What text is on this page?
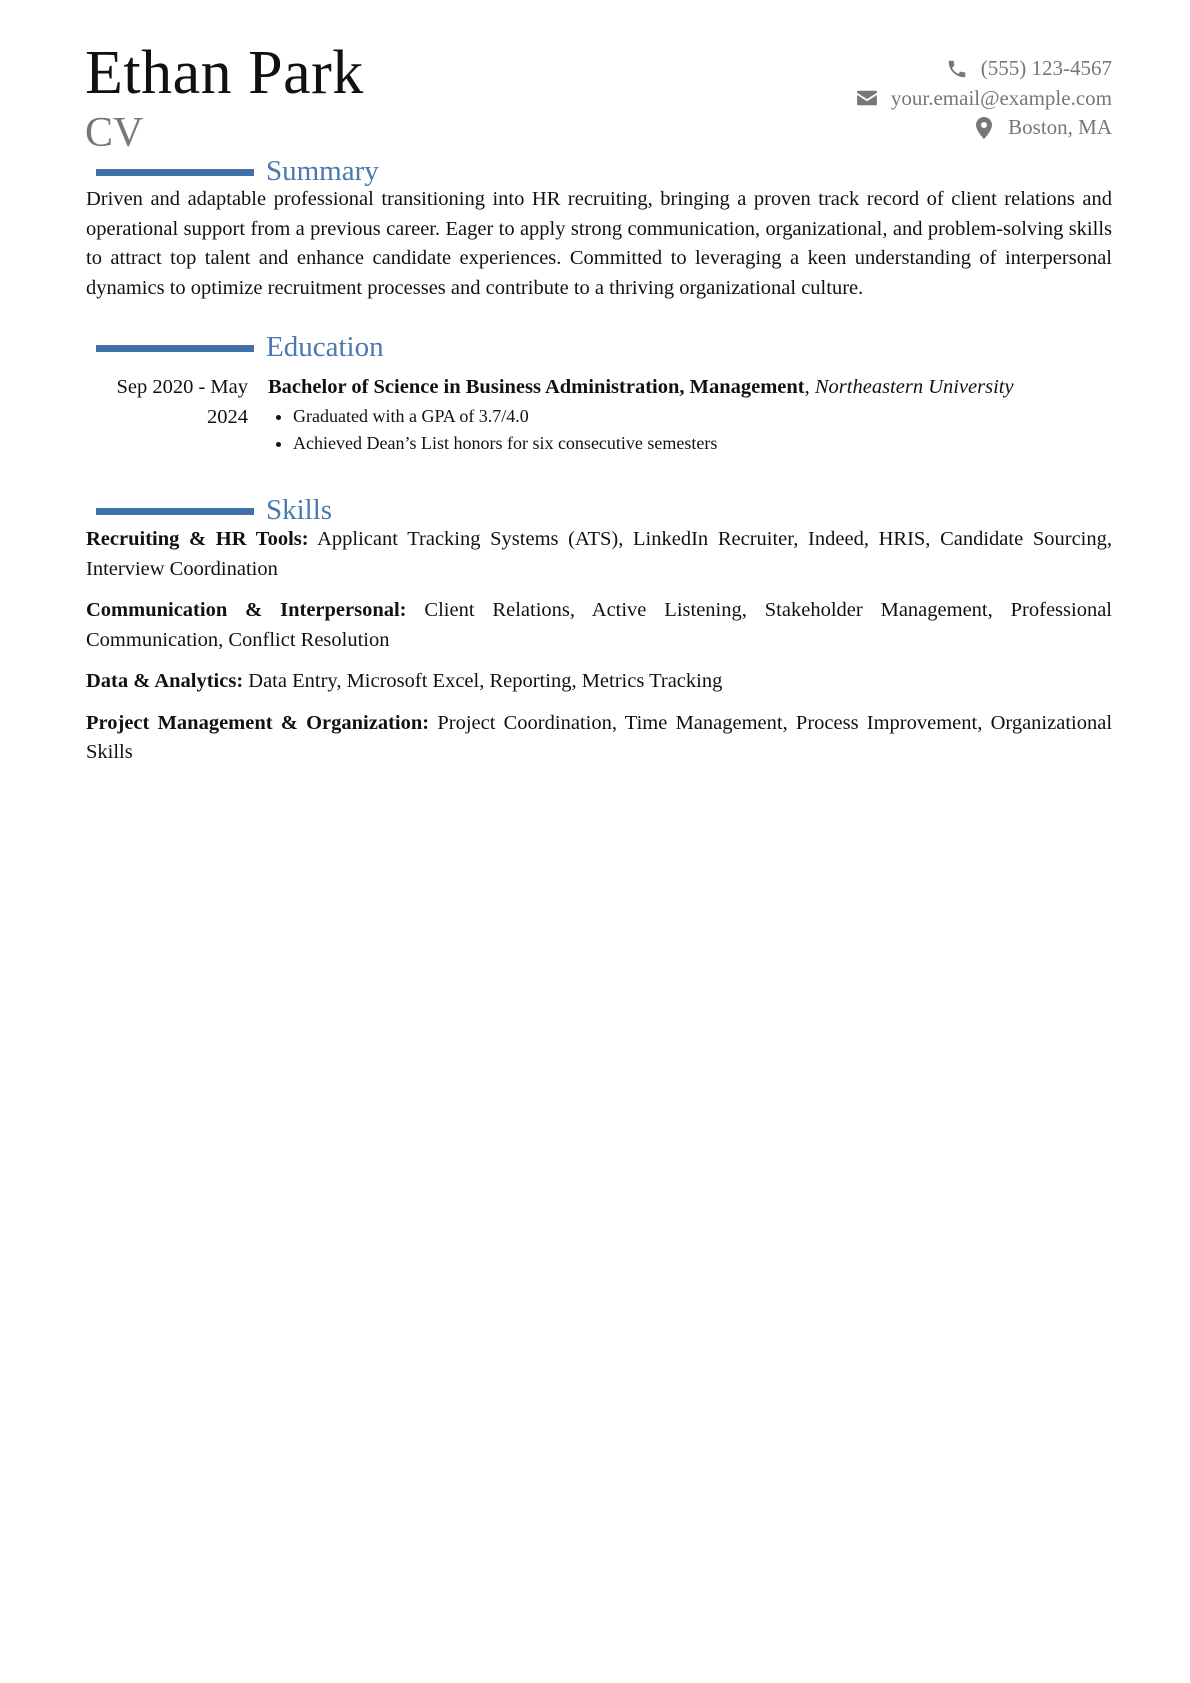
Ethan Park
CV
(555) 123-4567
your.email@example.com
Boston, MA
Summary

Driven and adaptable professional transitioning into HR recruiting, bringing a proven track record of client relations and operational support from a previous career. Eager to apply strong communication, organizational, and problem-solving skills to attract top talent and enhance candidate experiences. Committed to leveraging a keen understanding of interpersonal dynamics to optimize recruitment processes and contribute to a thriving organizational culture.

Education
Sep 2020 - May 2024
Bachelor of Science in Business Administration, Management, Northeastern University
Graduated with a GPA of 3.7/4.0
Achieved Dean’s List honors for six consecutive semesters
Skills

Recruiting & HR Tools: Applicant Tracking Systems (ATS), LinkedIn Recruiter, Indeed, HRIS, Candidate Sourcing, Interview Coordination

Communication & Interpersonal: Client Relations, Active Listening, Stakeholder Management, Professional Communication, Conflict Resolution

Data & Analytics: Data Entry, Microsoft Excel, Reporting, Metrics Tracking

Project Management & Organization: Project Coordination, Time Management, Process Improvement, Organizational Skills
